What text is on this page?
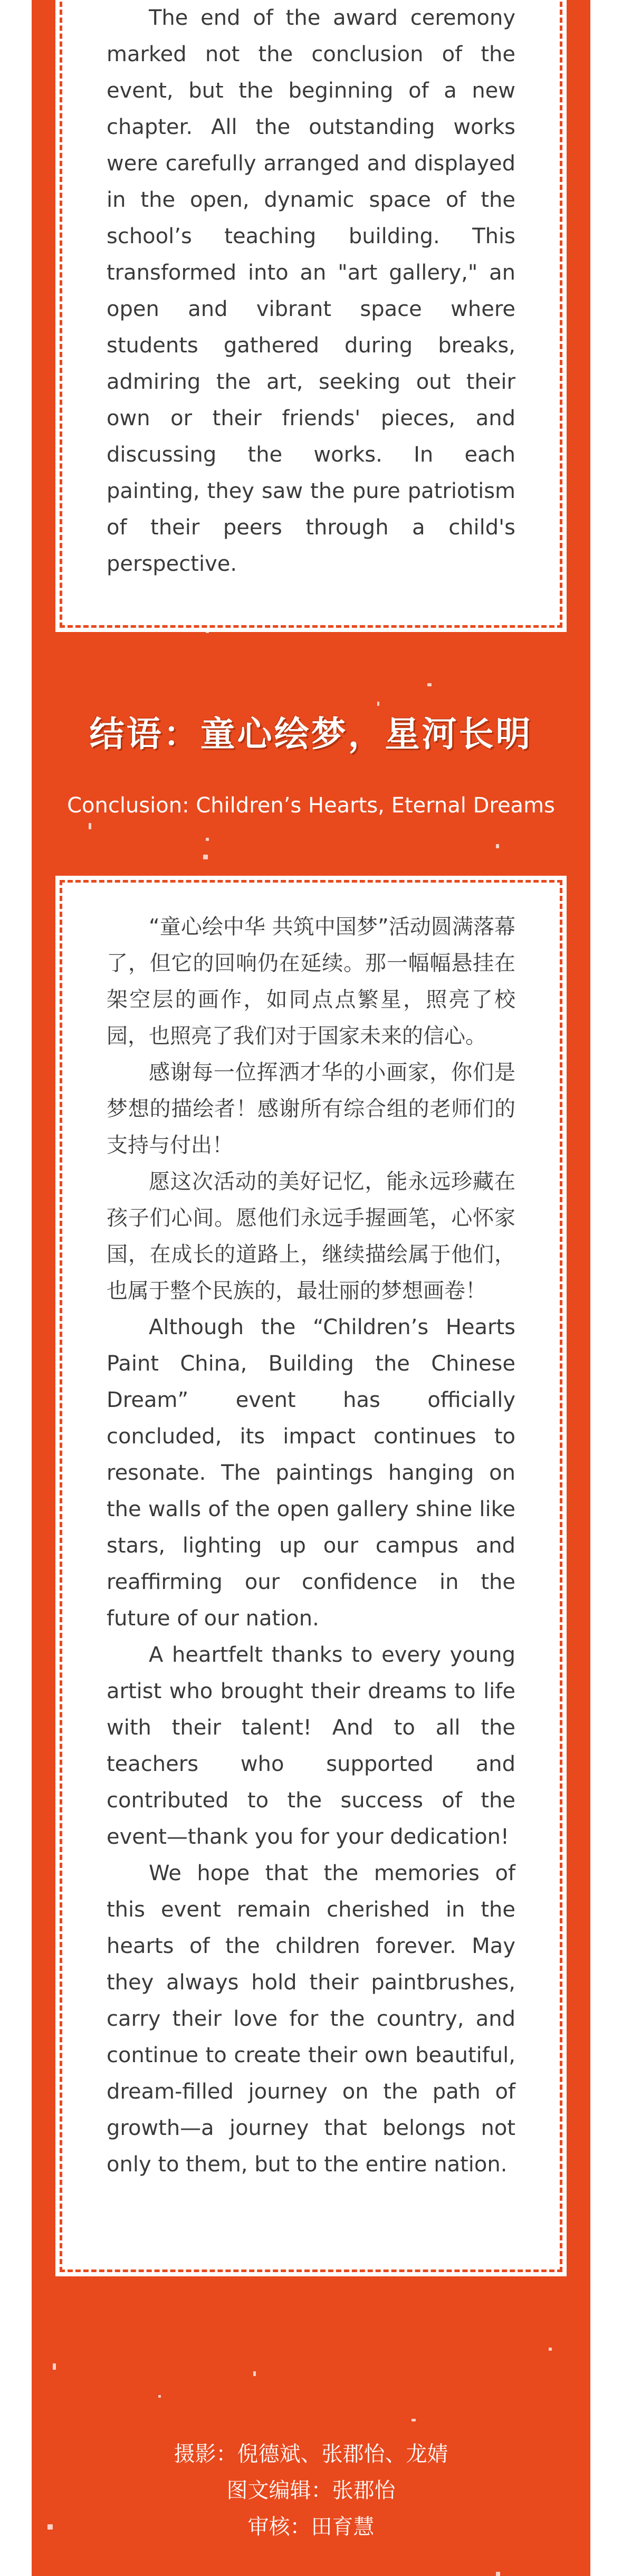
The end of the award ceremony marked not the conclusion of the event, but the beginning of a new chapter. All the outstanding works were carefully arranged and displayed in the open, dynamic space of the school’s teaching building. This transformed into an "art gallery," an open and vibrant space where students gathered during breaks, admiring the art, seeking out their own or their friends' pieces, and discussing the works. In each painting, they saw the pure patriotism of their peers through a child's perspective.

结语：童心绘梦，星河长明

Conclusion: Children’s Hearts, Eternal Dreams

“童心绘中华 共筑中国梦”活动圆满落幕了，但它的回响仍在延续。那一幅幅悬挂在架空层的画作，如同点点繁星，照亮了校园，也照亮了我们对于国家未来的信心。

感谢每一位挥洒才华的小画家，你们是梦想的描绘者！感谢所有综合组的老师们的支持与付出！

愿这次活动的美好记忆，能永远珍藏在孩子们心间。愿他们永远手握画笔，心怀家国，在成长的道路上，继续描绘属于他们，也属于整个民族的，最壮丽的梦想画卷！

Although the “Children’s Hearts Paint China, Building the Chinese Dream” event has officially concluded, its impact continues to resonate. The paintings hanging on the walls of the open gallery shine like stars, lighting up our campus and reaffirming our confidence in the future of our nation.

A heartfelt thanks to every young artist who brought their dreams to life with their talent! And to all the teachers who supported and contributed to the success of the event—thank you for your dedication!

We hope that the memories of this event remain cherished in the hearts of the children forever. May they always hold their paintbrushes, carry their love for the country, and continue to create their own beautiful, dream-filled journey on the path of growth—a journey that belongs not only to them, but to the entire nation.

摄影：倪德斌、张郡怡、龙婧
图文编辑：张郡怡
审核：田育慧
